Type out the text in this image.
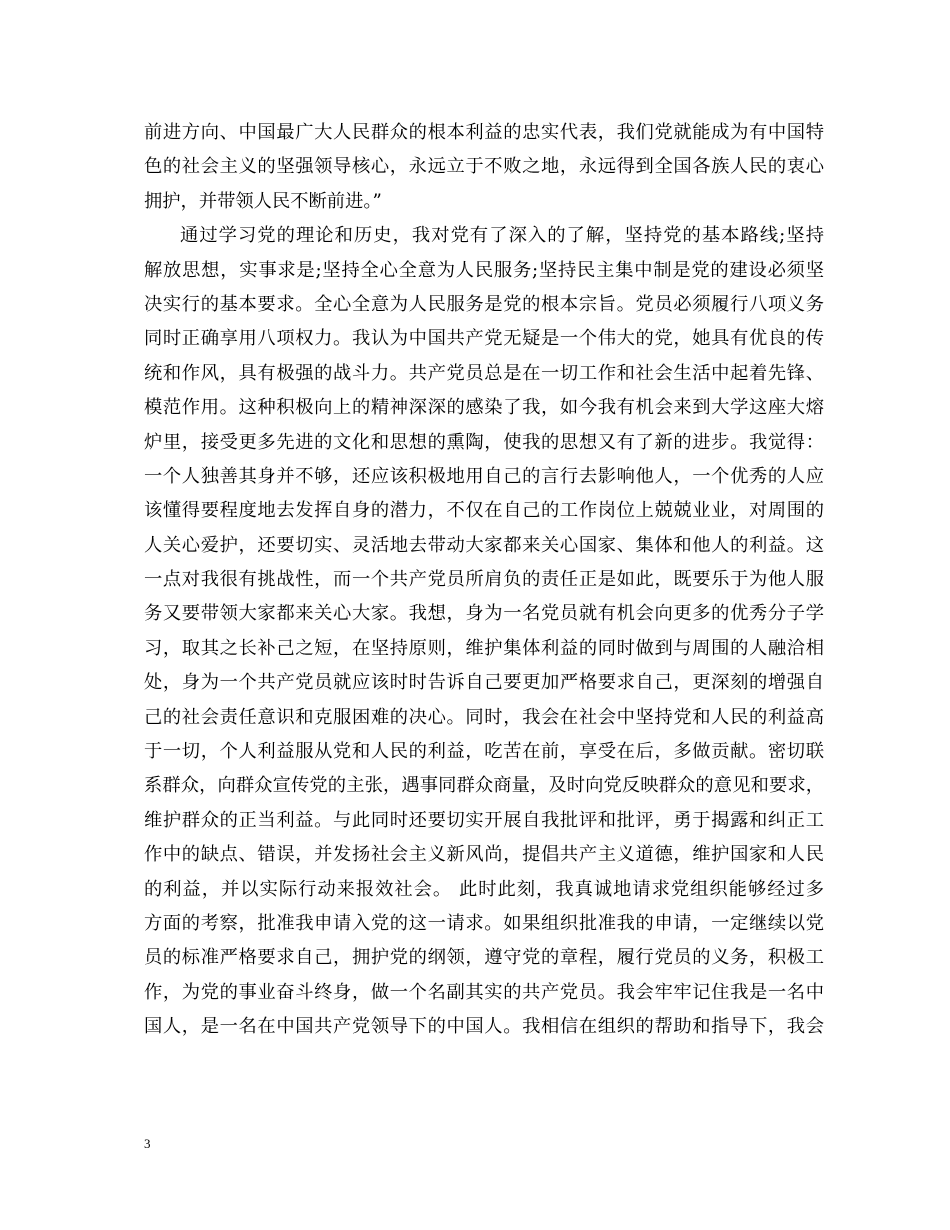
前进方向、中国最广大人民群众的根本利益的忠实代表，我们党就能成为有中国特
色的社会主义的坚强领导核心，永远立于不败之地，永远得到全国各族人民的衷心
拥护，并带领人民不断前进。”
通过学习党的理论和历史，我对党有了深入的了解，坚持党的基本路线;坚持
解放思想，实事求是;坚持全心全意为人民服务;坚持民主集中制是党的建设必须坚
决实行的基本要求。全心全意为人民服务是党的根本宗旨。党员必须履行八项义务
同时正确享用八项权力。我认为中国共产党无疑是一个伟大的党，她具有优良的传
统和作风，具有极强的战斗力。共产党员总是在一切工作和社会生活中起着先锋、
模范作用。这种积极向上的精神深深的感染了我，如今我有机会来到大学这座大熔
炉里，接受更多先进的文化和思想的熏陶，使我的思想又有了新的进步。我觉得：
一个人独善其身并不够，还应该积极地用自己的言行去影响他人，一个优秀的人应
该懂得要程度地去发挥自身的潜力，不仅在自己的工作岗位上兢兢业业，对周围的
人关心爱护，还要切实、灵活地去带动大家都来关心国家、集体和他人的利益。这
一点对我很有挑战性，而一个共产党员所肩负的责任正是如此，既要乐于为他人服
务又要带领大家都来关心大家。我想，身为一名党员就有机会向更多的优秀分子学
习，取其之长补己之短，在坚持原则，维护集体利益的同时做到与周围的人融洽相
处，身为一个共产党员就应该时时告诉自己要更加严格要求自己，更深刻的增强自
己的社会责任意识和克服困难的决心。同时，我会在社会中坚持党和人民的利益高
于一切，个人利益服从党和人民的利益，吃苦在前，享受在后，多做贡献。密切联
系群众，向群众宣传党的主张，遇事同群众商量，及时向党反映群众的意见和要求，
维护群众的正当利益。与此同时还要切实开展自我批评和批评，勇于揭露和纠正工
作中的缺点、错误，并发扬社会主义新风尚，提倡共产主义道德，维护国家和人民
的利益，并以实际行动来报效社会。 此时此刻，我真诚地请求党组织能够经过多
方面的考察，批准我申请入党的这一请求。如果组织批准我的申请，一定继续以党
员的标准严格要求自己，拥护党的纲领，遵守党的章程，履行党员的义务，积极工
作，为党的事业奋斗终身，做一个名副其实的共产党员。我会牢牢记住我是一名中
国人，是一名在中国共产党领导下的中国人。我相信在组织的帮助和指导下，我会
3
